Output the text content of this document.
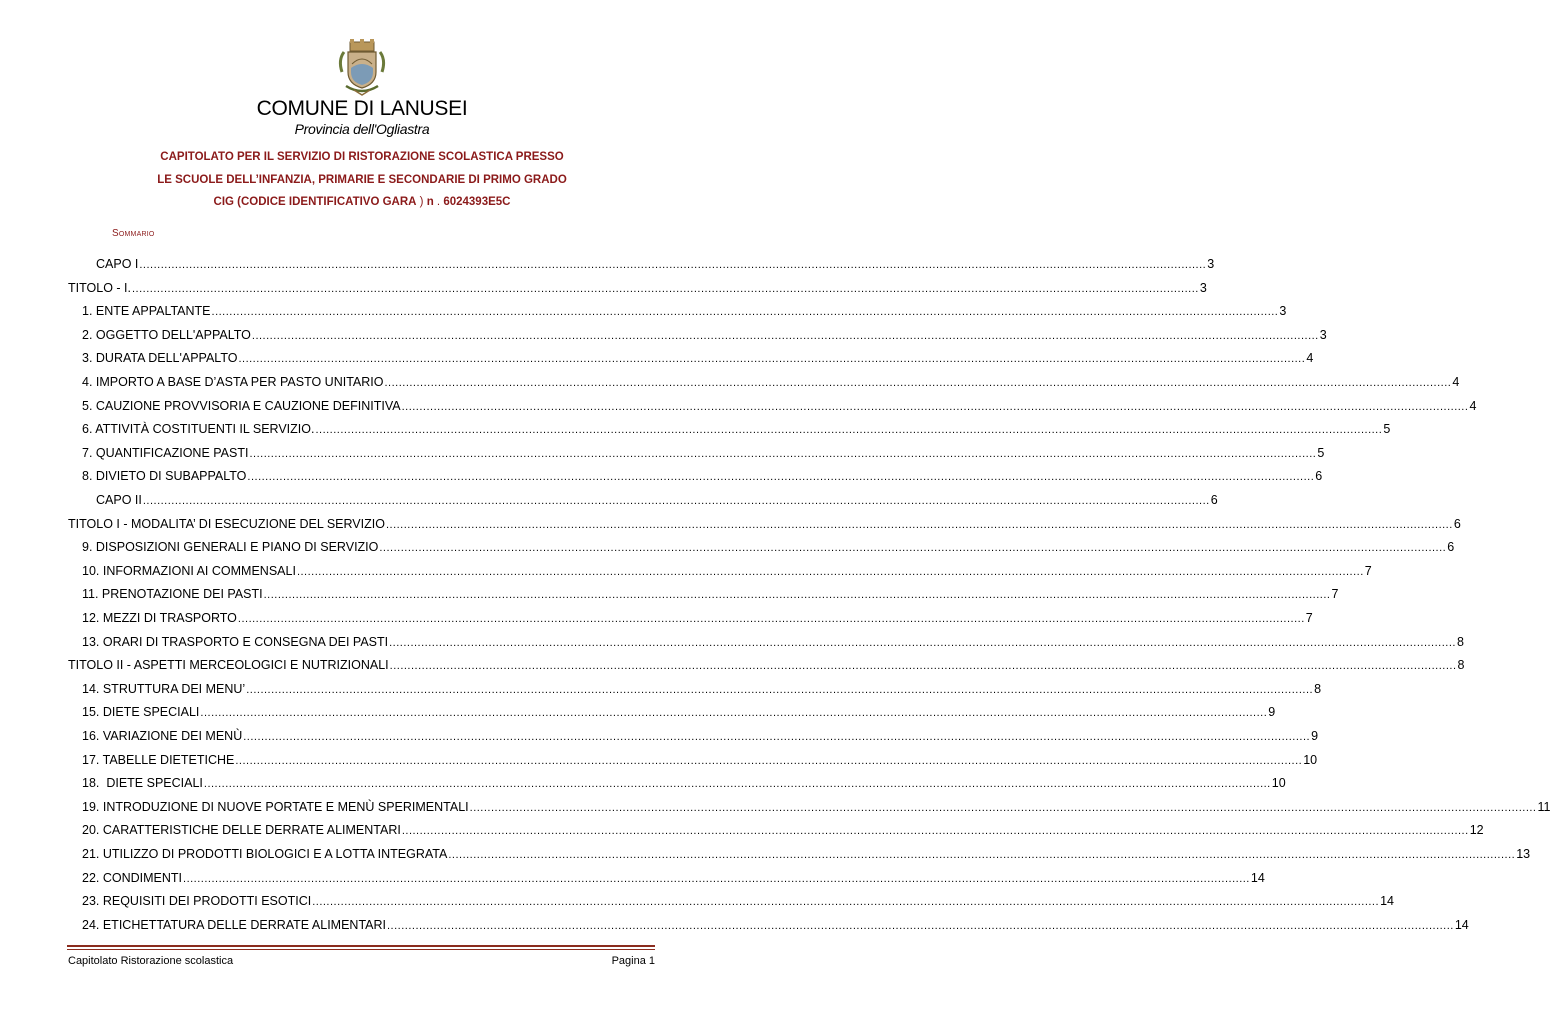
COMUNE DI LANUSEI
Provincia dell'Ogliastra
CAPITOLATO PER IL SERVIZIO DI RISTORAZIONE SCOLASTICA PRESSO
LE SCUOLE DELL’INFANZIA, PRIMARIE E SECONDARIE DI PRIMO GRADO
CIG (CODICE IDENTIFICATIVO GARA ) n . 6024393E5C
Sommario
CAPO I ............................................................................................................................................................................................................................................................................................................ 3
TITOLO - I. ............................................................................................................................................................................................................................................................................................................ 3
1. ENTE APPALTANTE ............................................................................................................................................................................................................................................................................................................ 3
2. OGGETTO DELL'APPALTO ............................................................................................................................................................................................................................................................................................................ 3
3. DURATA DELL'APPALTO ............................................................................................................................................................................................................................................................................................................ 4
4. IMPORTO A BASE D’ASTA PER PASTO UNITARIO ............................................................................................................................................................................................................................................................................................................ 4
5. CAUZIONE PROVVISORIA E CAUZIONE DEFINITIVA ............................................................................................................................................................................................................................................................................................................ 4
6. ATTIVITÀ COSTITUENTI IL SERVIZIO. ............................................................................................................................................................................................................................................................................................................ 5
7. QUANTIFICAZIONE PASTI ............................................................................................................................................................................................................................................................................................................ 5
8. DIVIETO DI SUBAPPALTO ............................................................................................................................................................................................................................................................................................................ 6
CAPO II ............................................................................................................................................................................................................................................................................................................ 6
TITOLO I - MODALITA’ DI ESECUZIONE DEL SERVIZIO ............................................................................................................................................................................................................................................................................................................ 6
9. DISPOSIZIONI GENERALI E PIANO DI SERVIZIO ............................................................................................................................................................................................................................................................................................................ 6
10. INFORMAZIONI AI COMMENSALI ............................................................................................................................................................................................................................................................................................................ 7
11. PRENOTAZIONE DEI PASTI ............................................................................................................................................................................................................................................................................................................ 7
12. MEZZI DI TRASPORTO ............................................................................................................................................................................................................................................................................................................ 7
13. ORARI DI TRASPORTO E CONSEGNA DEI PASTI ............................................................................................................................................................................................................................................................................................................ 8
TITOLO II - ASPETTI MERCEOLOGICI E NUTRIZIONALI ............................................................................................................................................................................................................................................................................................................ 8
14. STRUTTURA DEI MENU’ ............................................................................................................................................................................................................................................................................................................ 8
15. DIETE SPECIALI ............................................................................................................................................................................................................................................................................................................ 9
16. VARIAZIONE DEI MENÙ ............................................................................................................................................................................................................................................................................................................ 9
17. TABELLE DIETETICHE ............................................................................................................................................................................................................................................................................................................ 10
18.  DIETE SPECIALI ............................................................................................................................................................................................................................................................................................................ 10
19. INTRODUZIONE DI NUOVE PORTATE E MENÙ SPERIMENTALI ............................................................................................................................................................................................................................................................................................................ 11
20. CARATTERISTICHE DELLE DERRATE ALIMENTARI ............................................................................................................................................................................................................................................................................................................ 12
21. UTILIZZO DI PRODOTTI BIOLOGICI E A LOTTA INTEGRATA ............................................................................................................................................................................................................................................................................................................ 13
22. CONDIMENTI ............................................................................................................................................................................................................................................................................................................ 14
23. REQUISITI DEI PRODOTTI ESOTICI ............................................................................................................................................................................................................................................................................................................ 14
24. ETICHETTATURA DELLE DERRATE ALIMENTARI ............................................................................................................................................................................................................................................................................................................ 14
Capitolato Ristorazione scolastica	Pagina 1
